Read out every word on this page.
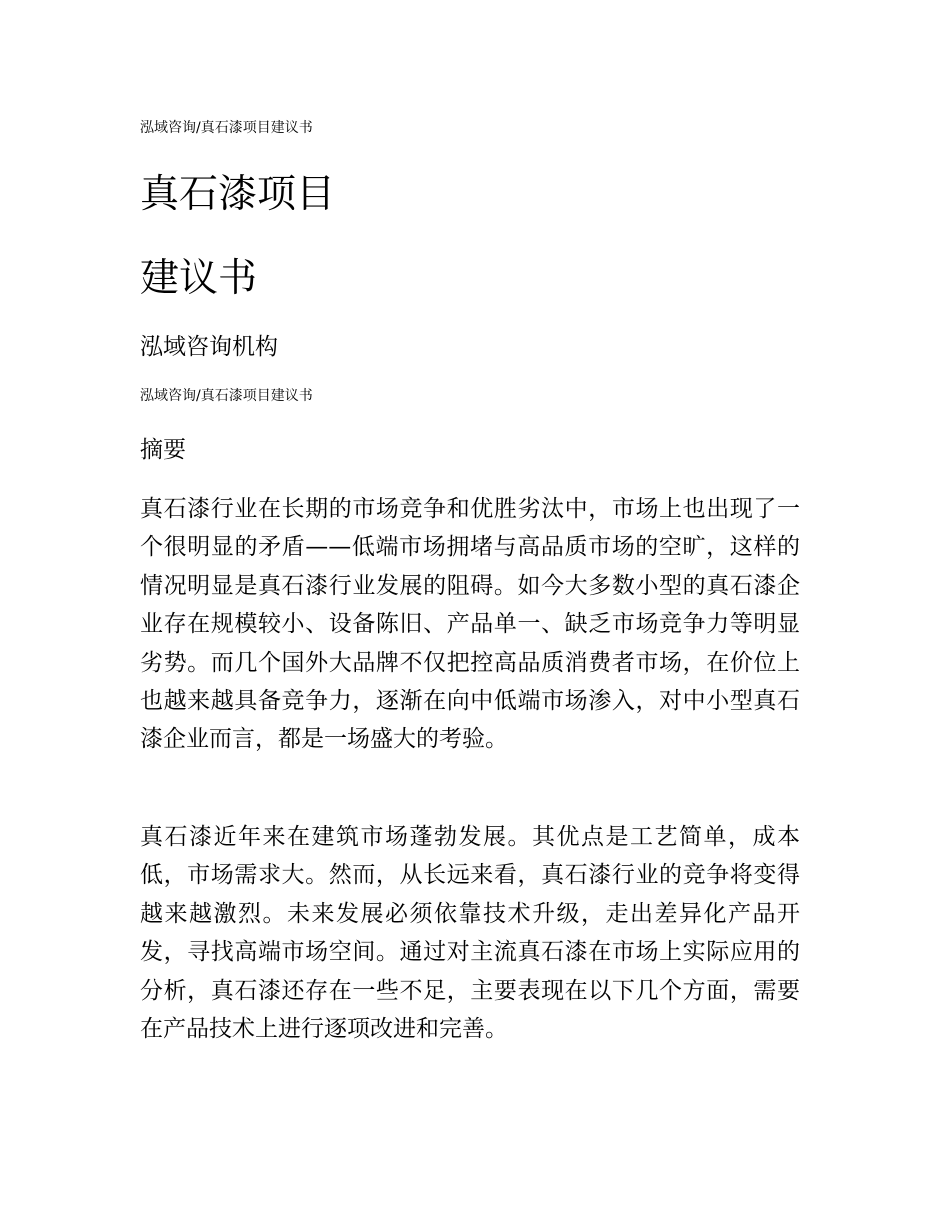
泓域咨询/真石漆项目建议书
真石漆项目
建议书
泓域咨询机构
泓域咨询/真石漆项目建议书
摘要

真石漆行业在长期的市场竞争和优胜劣汰中，市场上也出现了一个很明显的矛盾——低端市场拥堵与高品质市场的空旷，这样的情况明显是真石漆行业发展的阻碍。如今大多数小型的真石漆企业存在规模较小、设备陈旧、产品单一、缺乏市场竞争力等明显劣势。而几个国外大品牌不仅把控高品质消费者市场，在价位上也越来越具备竞争力，逐渐在向中低端市场渗入，对中小型真石漆企业而言，都是一场盛大的考验。

真石漆近年来在建筑市场蓬勃发展。其优点是工艺简单，成本低，市场需求大。然而，从长远来看，真石漆行业的竞争将变得越来越激烈。未来发展必须依靠技术升级，走出差异化产品开发，寻找高端市场空间。通过对主流真石漆在市场上实际应用的分析，真石漆还存在一些不足，主要表现在以下几个方面，需要在产品技术上进行逐项改进和完善。
